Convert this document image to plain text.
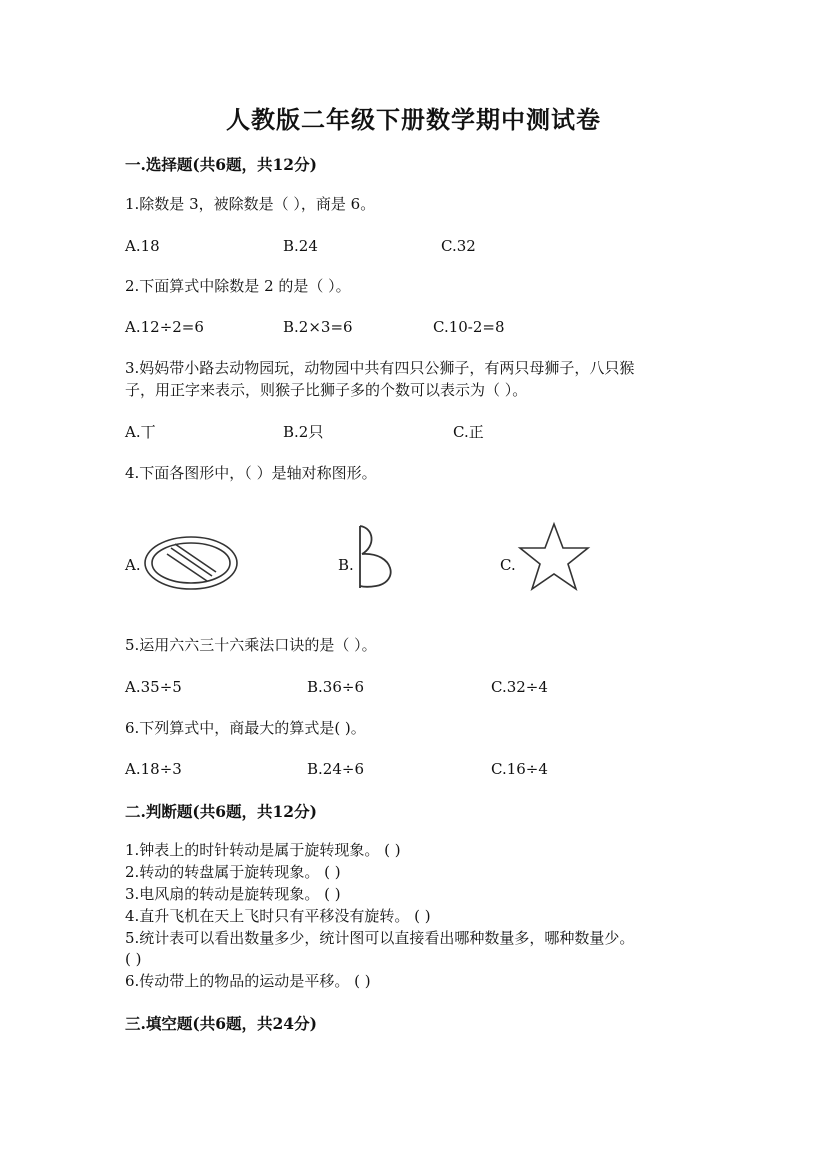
人教版二年级下册数学期中测试卷
一.选择题(共6题，共12分)
1.除数是 3，被除数是（ ），商是 6。
A.18	B.24	C.32
2.下面算式中除数是 2 的是（ ）。
A.12÷2=6	B.2×3=6	C.10-2=8
3.妈妈带小路去动物园玩，动物园中共有四只公狮子，有两只母狮子，八只猴
子，用正字来表示，则猴子比狮子多的个数可以表示为（ ）。
A.丅	B.2只	C.正
4.下面各图形中，（ ）是轴对称图形。
A.	B.	C.
5.运用六六三十六乘法口诀的是（ ）。
A.35÷5	B.36÷6	C.32÷4
6.下列算式中，商最大的算式是( )。
A.18÷3	B.24÷6	C.16÷4
二.判断题(共6题，共12分)
1.钟表上的时针转动是属于旋转现象。 ( )
2.转动的转盘属于旋转现象。 ( )
3.电风扇的转动是旋转现象。 ( )
4.直升飞机在天上飞时只有平移没有旋转。 ( )
5.统计表可以看出数量多少，统计图可以直接看出哪种数量多，哪种数量少。
( )
6.传动带上的物品的运动是平移。 ( )
三.填空题(共6题，共24分)
